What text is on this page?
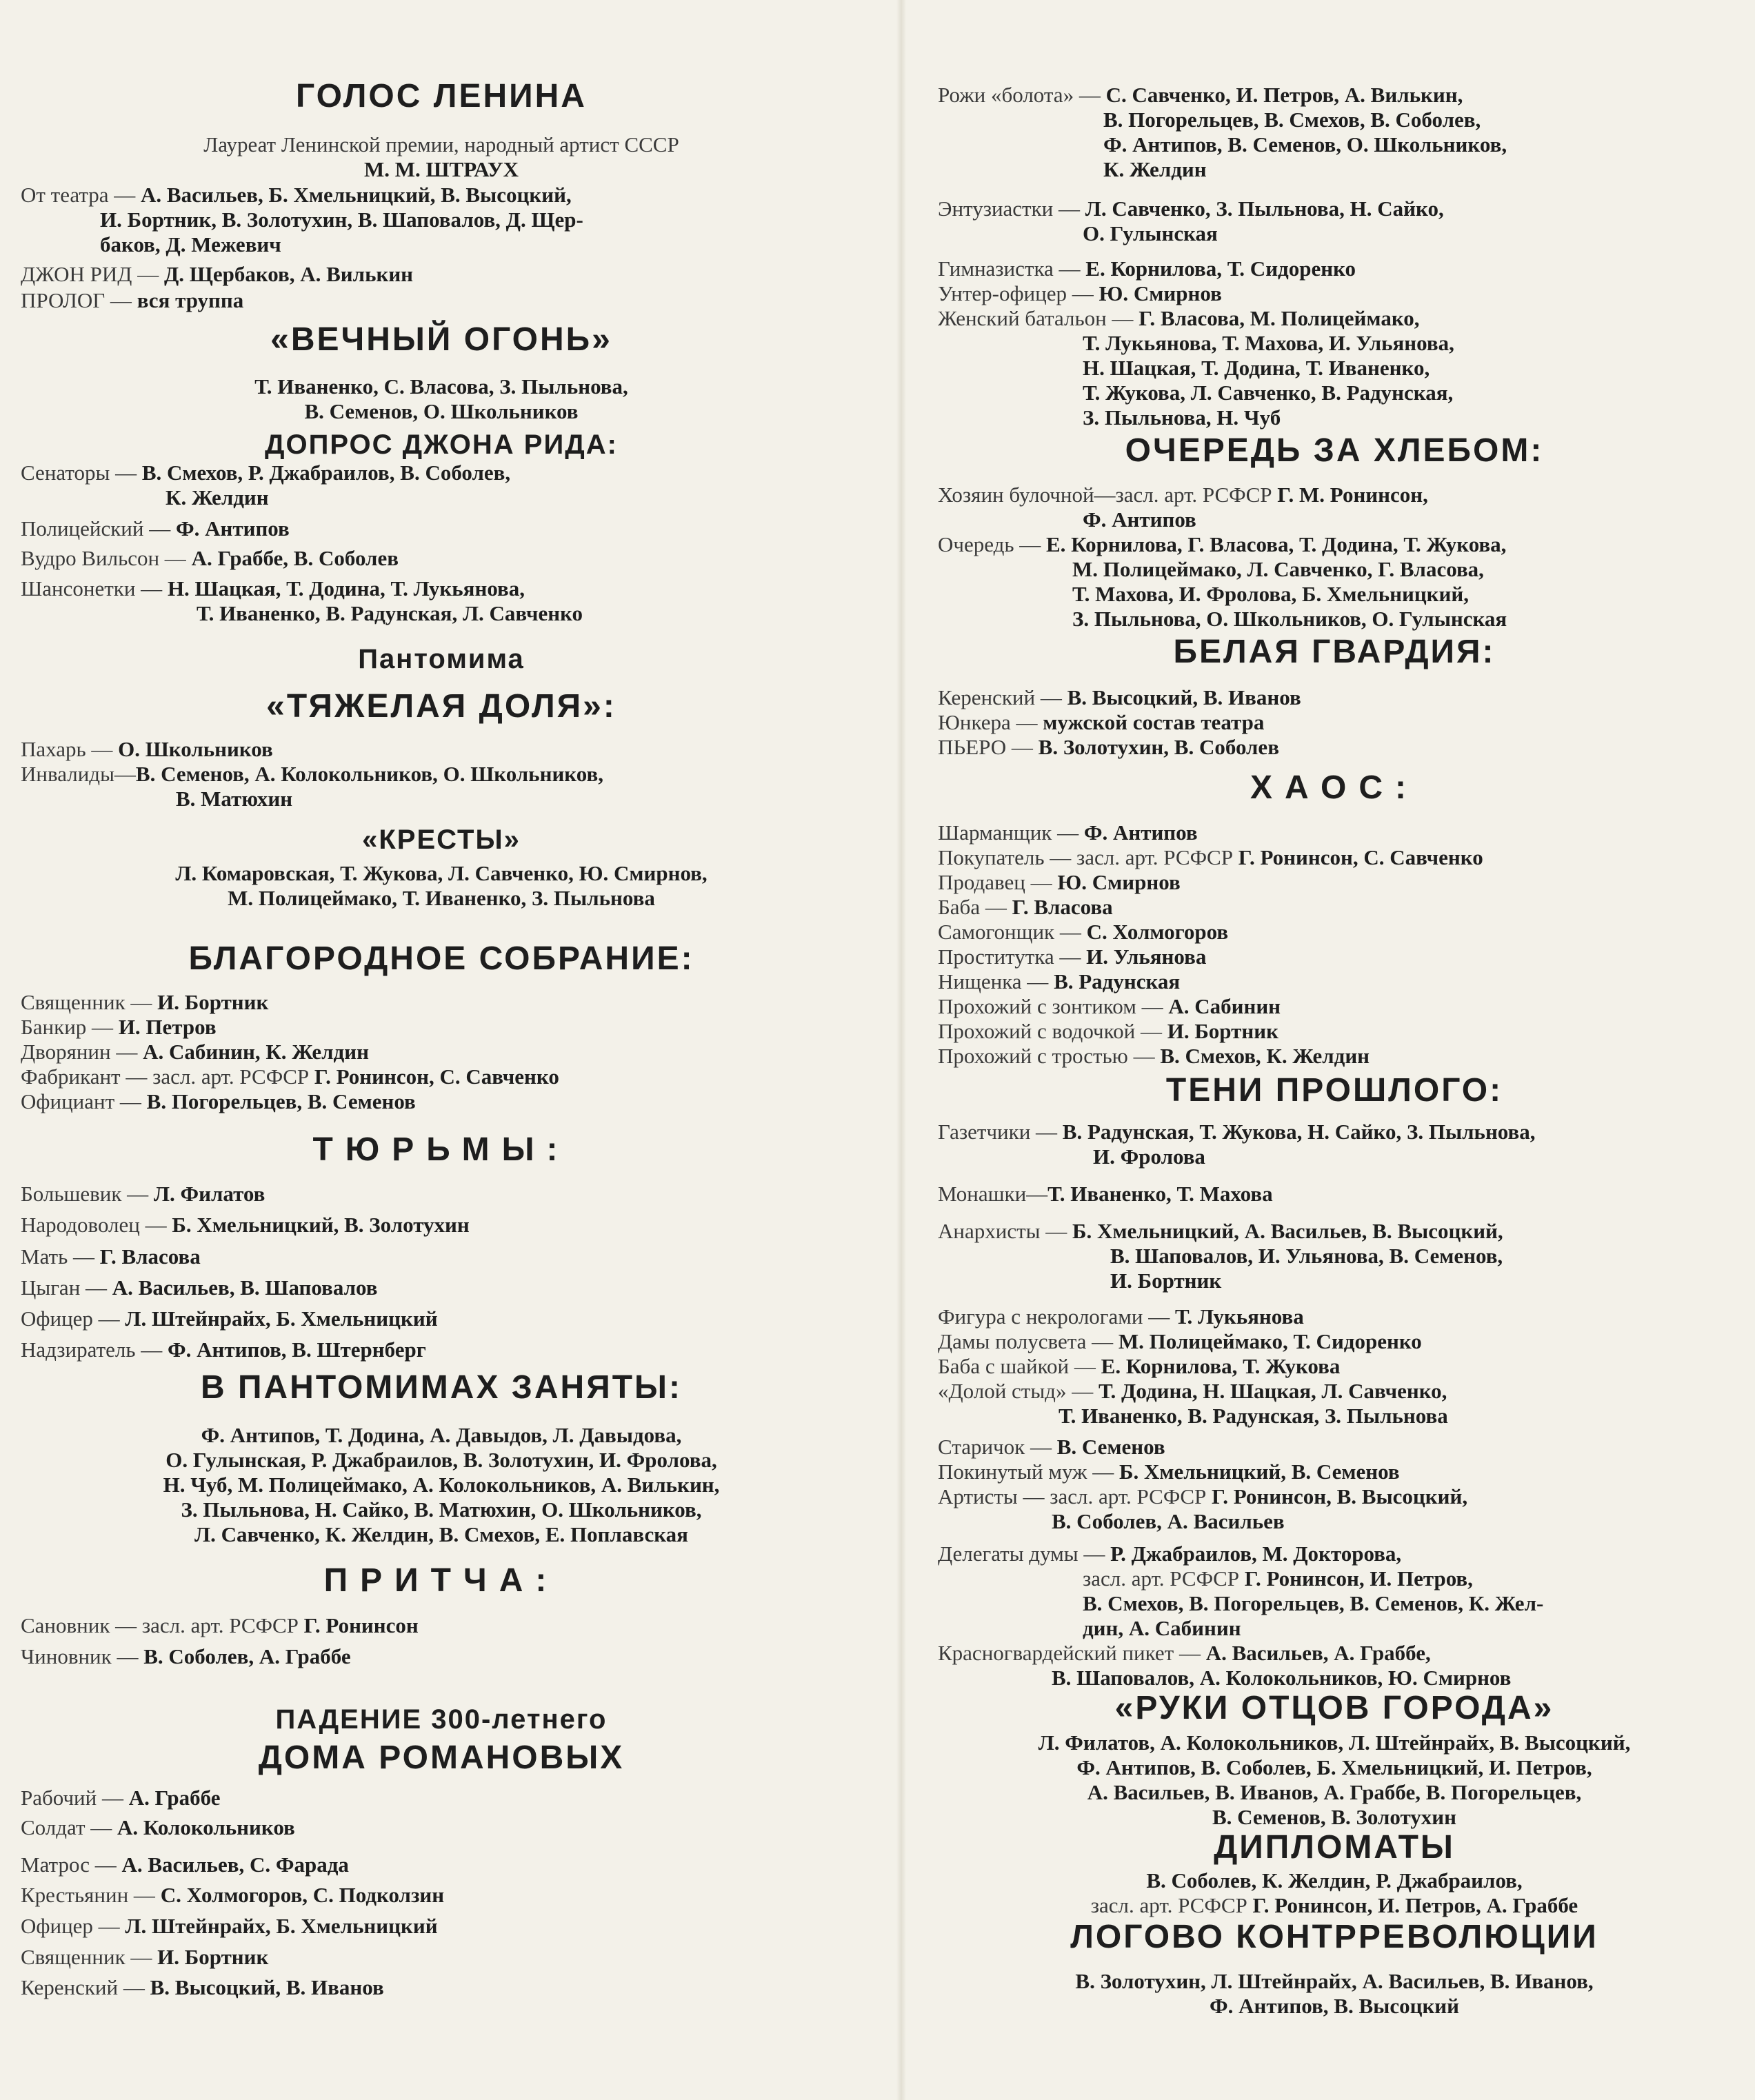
ГОЛОС ЛЕНИНА
Лауреат Ленинской премии, народный артист СССР
М. М. ШТРАУХ
От театра — А. Васильев, Б. Хмельницкий, В. Высоцкий,
И. Бортник, В. Золотухин, В. Шаповалов, Д. Щер-
баков, Д. Межевич
ДЖОН РИД — Д. Щербаков, А. Вилькин
ПРОЛОГ — вся труппа
«ВЕЧНЫЙ ОГОНЬ»
Т. Иваненко, С. Власова, З. Пыльнова,
В. Семенов, О. Школьников
ДОПРОС ДЖОНА РИДА:
Сенаторы — В. Смехов, Р. Джабраилов, В. Соболев,
К. Желдин
Полицейский — Ф. Антипов
Вудро Вильсон — А. Граббе, В. Соболев
Шансонетки — Н. Шацкая, Т. Додина, Т. Лукьянова,
Т. Иваненко, В. Радунская, Л. Савченко
Пантомима
«ТЯЖЕЛАЯ ДОЛЯ»:
Пахарь — О. Школьников
Инвалиды—В. Семенов, А. Колокольников, О. Школьников,
В. Матюхин
«КРЕСТЫ»
Л. Комаровская, Т. Жукова, Л. Савченко, Ю. Смирнов,
М. Полицеймако, Т. Иваненко, З. Пыльнова
БЛАГОРОДНОЕ СОБРАНИЕ:
Священник — И. Бортник
Банкир — И. Петров
Дворянин — А. Сабинин, К. Желдин
Фабрикант — засл. арт. РСФСР Г. Ронинсон, С. Савченко
Официант — В. Погорельцев, В. Семенов
ТЮРЬМЫ:
Большевик — Л. Филатов
Народоволец — Б. Хмельницкий, В. Золотухин
Мать — Г. Власова
Цыган — А. Васильев, В. Шаповалов
Офицер — Л. Штейнрайх, Б. Хмельницкий
Надзиратель — Ф. Антипов, В. Штернберг
В ПАНТОМИМАХ ЗАНЯТЫ:
Ф. Антипов, Т. Додина, А. Давыдов, Л. Давыдова,
О. Гулынская, Р. Джабраилов, В. Золотухин, И. Фролова,
Н. Чуб, М. Полицеймако, А. Колокольников, А. Вилькин,
З. Пыльнова, Н. Сайко, В. Матюхин, О. Школьников,
Л. Савченко, К. Желдин, В. Смехов, Е. Поплавская
ПРИТЧА:
Сановник — засл. арт. РСФСР Г. Ронинсон
Чиновник — В. Соболев, А. Граббе
ПАДЕНИЕ 300-летнего
ДОМА РОМАНОВЫХ
Рабочий — А. Граббе
Солдат — А. Колокольников
Матрос — А. Васильев, С. Фарада
Крестьянин — С. Холмогоров, С. Подколзин
Офицер — Л. Штейнрайх, Б. Хмельницкий
Священник — И. Бортник
Керенский — В. Высоцкий, В. Иванов
Рожи «болота» — С. Савченко, И. Петров, А. Вилькин,
В. Погорельцев, В. Смехов, В. Соболев,
Ф. Антипов, В. Семенов, О. Школьников,
К. Желдин
Энтузиастки — Л. Савченко, З. Пыльнова, Н. Сайко,
О. Гулынская
Гимназистка — Е. Корнилова, Т. Сидоренко
Унтер-офицер — Ю. Смирнов
Женский батальон — Г. Власова, М. Полицеймако,
Т. Лукьянова, Т. Махова, И. Ульянова,
Н. Шацкая, Т. Додина, Т. Иваненко,
Т. Жукова, Л. Савченко, В. Радунская,
З. Пыльнова, Н. Чуб
ОЧЕРЕДЬ ЗА ХЛЕБОМ:
Хозяин булочной—засл. арт. РСФСР Г. М. Ронинсон,
Ф. Антипов
Очередь — Е. Корнилова, Г. Власова, Т. Додина, Т. Жукова,
М. Полицеймако, Л. Савченко, Г. Власова,
Т. Махова, И. Фролова, Б. Хмельницкий,
З. Пыльнова, О. Школьников, О. Гулынская
БЕЛАЯ ГВАРДИЯ:
Керенский — В. Высоцкий, В. Иванов
Юнкера — мужской состав театра
ПЬЕРО — В. Золотухин, В. Соболев
ХАОС:
Шарманщик — Ф. Антипов
Покупатель — засл. арт. РСФСР Г. Ронинсон, С. Савченко
Продавец — Ю. Смирнов
Баба — Г. Власова
Самогонщик — С. Холмогоров
Проститутка — И. Ульянова
Нищенка — В. Радунская
Прохожий с зонтиком — А. Сабинин
Прохожий с водочкой — И. Бортник
Прохожий с тростью — В. Смехов, К. Желдин
ТЕНИ ПРОШЛОГО:
Газетчики — В. Радунская, Т. Жукова, Н. Сайко, З. Пыльнова,
И. Фролова
Монашки—Т. Иваненко, Т. Махова
Анархисты — Б. Хмельницкий, А. Васильев, В. Высоцкий,
В. Шаповалов, И. Ульянова, В. Семенов,
И. Бортник
Фигура с некрологами — Т. Лукьянова
Дамы полусвета — М. Полицеймако, Т. Сидоренко
Баба с шайкой — Е. Корнилова, Т. Жукова
«Долой стыд» — Т. Додина, Н. Шацкая, Л. Савченко,
Т. Иваненко, В. Радунская, З. Пыльнова
Старичок — В. Семенов
Покинутый муж — Б. Хмельницкий, В. Семенов
Артисты — засл. арт. РСФСР Г. Ронинсон, В. Высоцкий,
В. Соболев, А. Васильев
Делегаты думы — Р. Джабраилов, М. Докторова,
засл. арт. РСФСР Г. Ронинсон, И. Петров,
В. Смехов, В. Погорельцев, В. Семенов, К. Жел-
дин, А. Сабинин
Красногвардейский пикет — А. Васильев, А. Граббе,
В. Шаповалов, А. Колокольников, Ю. Смирнов
«РУКИ ОТЦОВ ГОРОДА»
Л. Филатов, А. Колокольников, Л. Штейнрайх, В. Высоцкий,
Ф. Антипов, В. Соболев, Б. Хмельницкий, И. Петров,
А. Васильев, В. Иванов, А. Граббе, В. Погорельцев,
В. Семенов, В. Золотухин
ДИПЛОМАТЫ
В. Соболев, К. Желдин, Р. Джабраилов,
засл. арт. РСФСР Г. Ронинсон, И. Петров, А. Граббе
ЛОГОВО КОНТРРЕВОЛЮЦИИ
В. Золотухин, Л. Штейнрайх, А. Васильев, В. Иванов,
Ф. Антипов, В. Высоцкий
